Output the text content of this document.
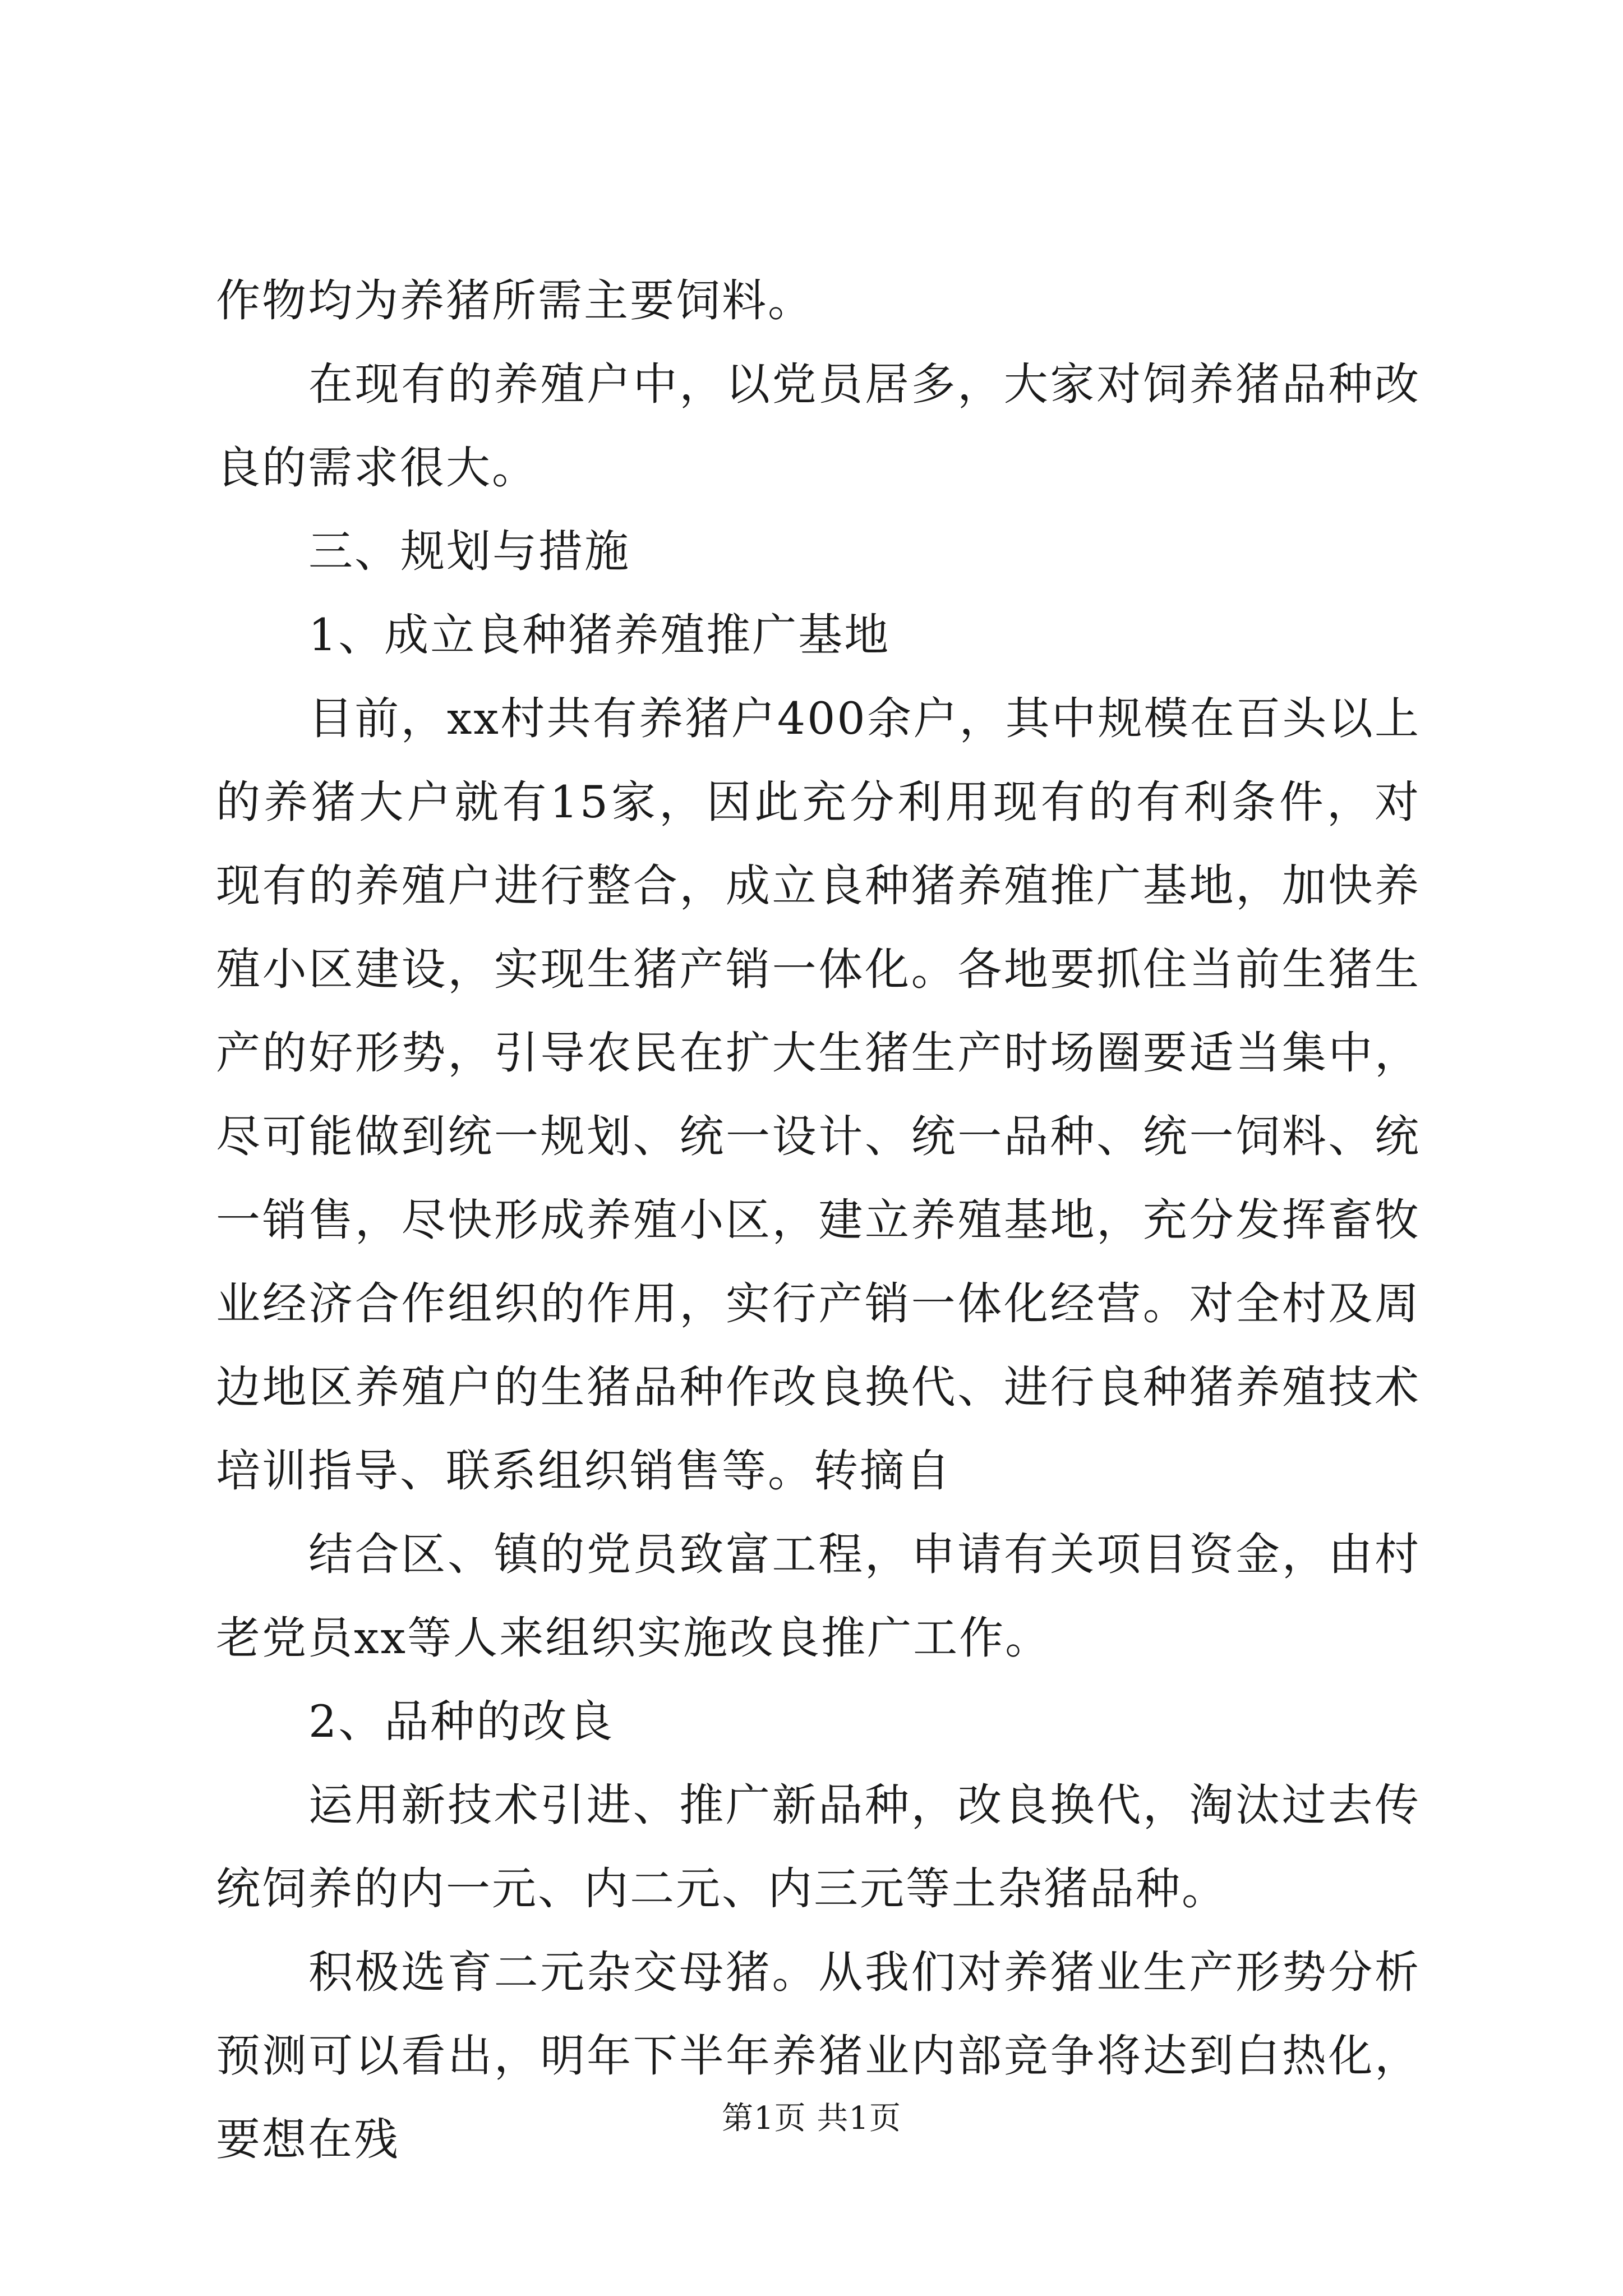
作物均为养猪所需主要饲料。

在现有的养殖户中，以党员居多，大家对饲养猪品种改良的需求很大。

三、规划与措施

1、成立良种猪养殖推广基地

目前，xx村共有养猪户400余户，其中规模在百头以上的养猪大户就有15家，因此充分利用现有的有利条件，对现有的养殖户进行整合，成立良种猪养殖推广基地，加快养殖小区建设，实现生猪产销一体化。各地要抓住当前生猪生产的好形势，引导农民在扩大生猪生产时场圈要适当集中，尽可能做到统一规划、统一设计、统一品种、统一饲料、统一销售，尽快形成养殖小区，建立养殖基地，充分发挥畜牧业经济合作组织的作用，实行产销一体化经营。对全村及周边地区养殖户的生猪品种作改良换代、进行良种猪养殖技术培训指导、联系组织销售等。转摘自

结合区、镇的党员致富工程，申请有关项目资金，由村老党员xx等人来组织实施改良推广工作。

2、品种的改良

运用新技术引进、推广新品种，改良换代，淘汰过去传统饲养的内一元、内二元、内三元等土杂猪品种。

积极选育二元杂交母猪。从我们对养猪业生产形势分析预测可以看出，明年下半年养猪业内部竞争将达到白热化，要想在残	第1页 共1页
